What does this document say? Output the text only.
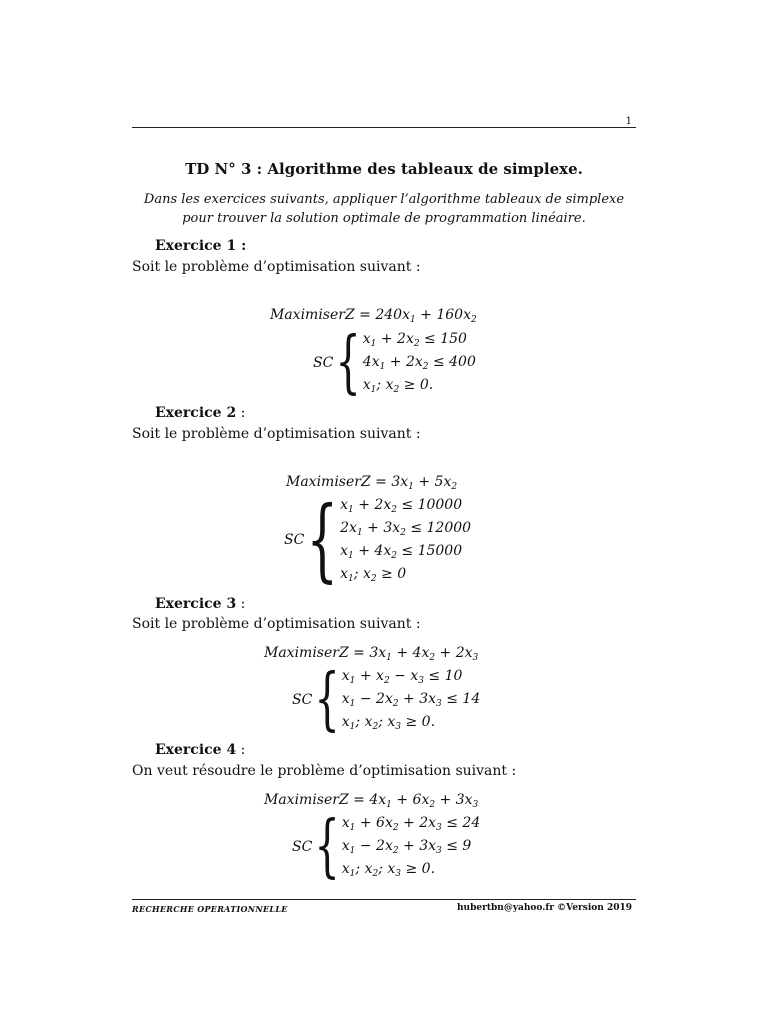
1
TD N° 3 : Algorithme des tableaux de simplexe.
Dans les exercices suivants, appliquer l’algorithme tableaux de simplexe
pour trouver la solution optimale de programmation linéaire.
Exercice 1 :
Soit le problème d’optimisation suivant :
MaximiserZ = $240x_1 + 160x_2$
SC { $x_1 + 2x_2 \le 150$
$4x_1 + 2x_2 \le 400$
$x_1$; $x_2 \ge 0$.
Exercice 2 :
Soit le problème d’optimisation suivant :
MaximiserZ = $3x_1 + 5x_2$
SC { $x_1 + 2x_2 \le 10000$
$2x_1 + 3x_2 \le 12000$
$x_1 + 4x_2 \le 15000$
$x_1$; $x_2 \ge 0$
Exercice 3 :
Soit le problème d’optimisation suivant :
MaximiserZ = $3x_1 + 4x_2 + 2x_3$
SC { $x_1 + x_2 - x_3 \le 10$
$x_1 - 2x_2 + 3x_3 \le 14$
$x_1$; $x_2$; $x_3 \ge 0$.
Exercice 4 :
On veut résoudre le problème d’optimisation suivant :
MaximiserZ = $4x_1 + 6x_2 + 3x_3$
SC { $x_1 + 6x_2 + 2x_3 \le 24$
$x_1 - 2x_2 + 3x_3 \le 9$
$x_1$; $x_2$; $x_3 \ge 0$.
RECHERCHE OPERATIONNELLE	hubertbn@yahoo.fr ©Version 2019
